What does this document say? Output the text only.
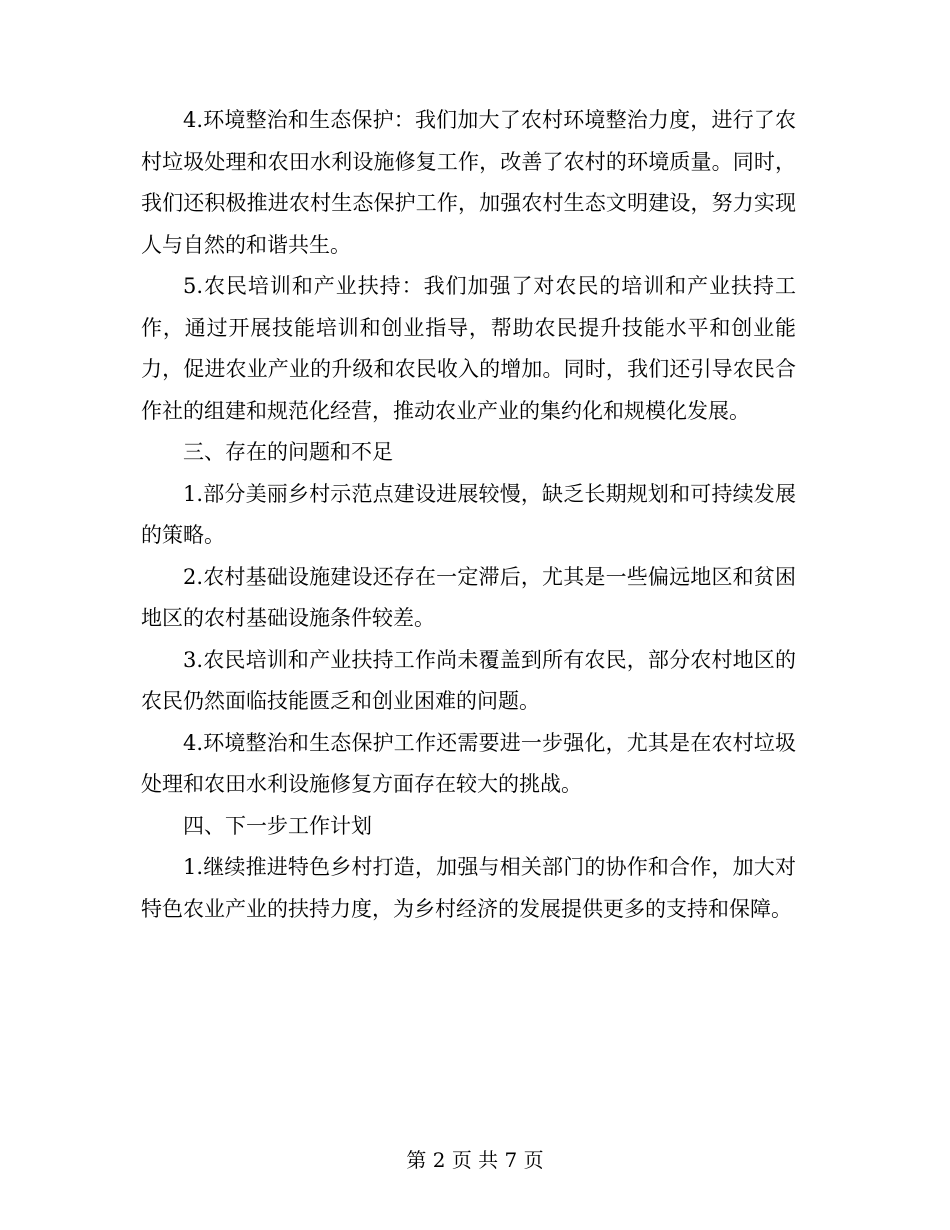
4.环境整治和生态保护：我们加大了农村环境整治力度，进行了农村垃圾处理和农田水利设施修复工作，改善了农村的环境质量。同时，我们还积极推进农村生态保护工作，加强农村生态文明建设，努力实现人与自然的和谐共生。

5.农民培训和产业扶持：我们加强了对农民的培训和产业扶持工作，通过开展技能培训和创业指导，帮助农民提升技能水平和创业能力，促进农业产业的升级和农民收入的增加。同时，我们还引导农民合作社的组建和规范化经营，推动农业产业的集约化和规模化发展。

三、存在的问题和不足

1.部分美丽乡村示范点建设进展较慢，缺乏长期规划和可持续发展的策略。

2.农村基础设施建设还存在一定滞后，尤其是一些偏远地区和贫困地区的农村基础设施条件较差。

3.农民培训和产业扶持工作尚未覆盖到所有农民，部分农村地区的农民仍然面临技能匮乏和创业困难的问题。

4.环境整治和生态保护工作还需要进一步强化，尤其是在农村垃圾处理和农田水利设施修复方面存在较大的挑战。

四、下一步工作计划

1.继续推进特色乡村打造，加强与相关部门的协作和合作，加大对特色农业产业的扶持力度，为乡村经济的发展提供更多的支持和保障。

第 2 页 共 7 页
